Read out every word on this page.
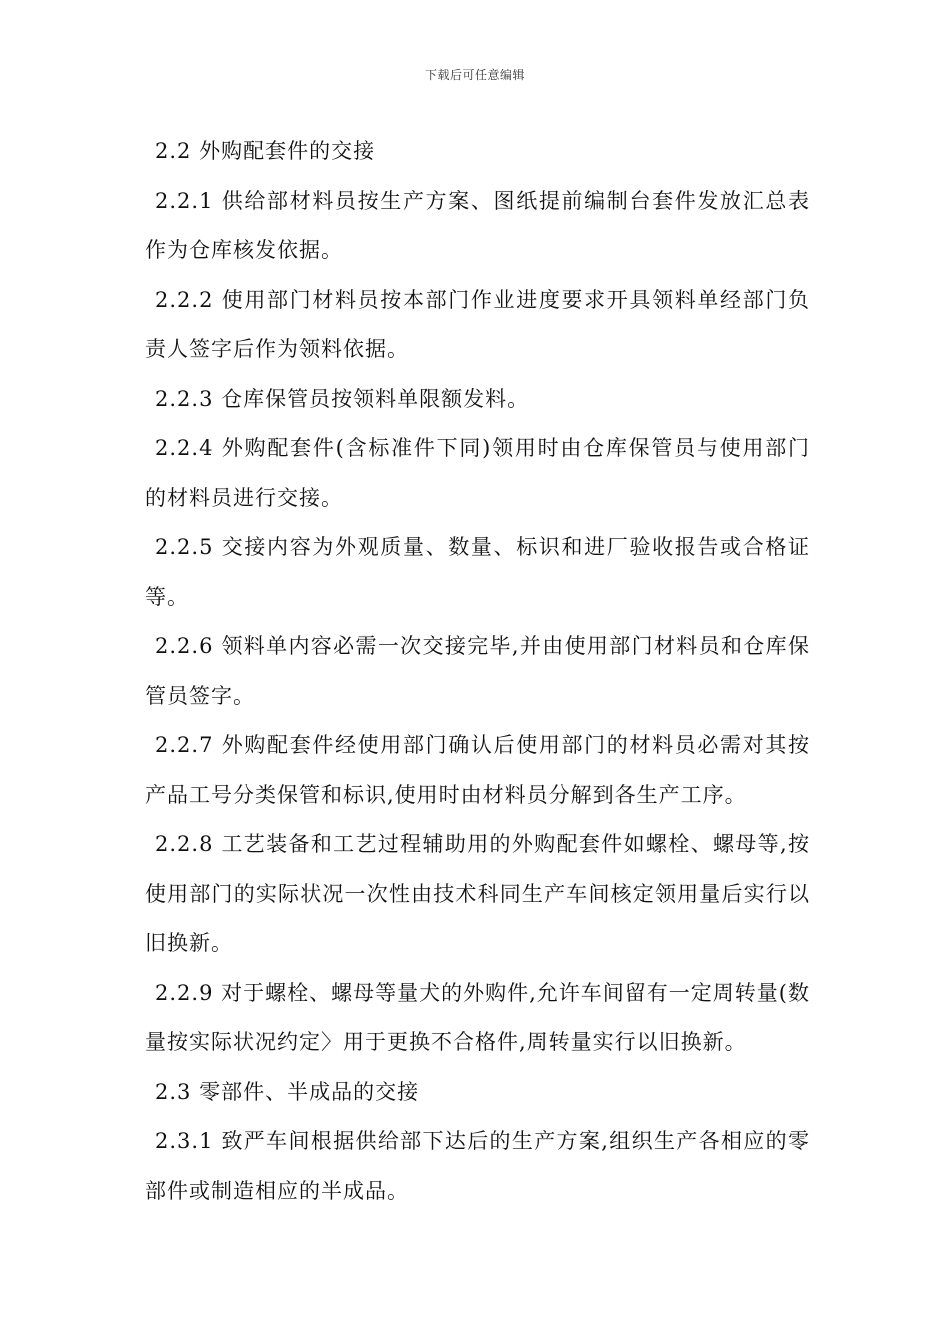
下载后可任意编辑

2.2 外购配套件的交接

2.2.1 供给部材料员按生产方案、图纸提前编制台套件发放汇总表作为仓库核发依据。

2.2.2 使用部门材料员按本部门作业进度要求开具领料单经部门负责人签字后作为领料依据。

2.2.3 仓库保管员按领料单限额发料。

2.2.4 外购配套件(含标准件下同)领用时由仓库保管员与使用部门的材料员进行交接。

2.2.5 交接内容为外观质量、数量、标识和进厂验收报告或合格证等。

2.2.6 领料单内容必需一次交接完毕,并由使用部门材料员和仓库保管员签字。

2.2.7 外购配套件经使用部门确认后使用部门的材料员必需对其按产品工号分类保管和标识,使用时由材料员分解到各生产工序。

2.2.8 工艺装备和工艺过程辅助用的外购配套件如螺栓、螺母等,按使用部门的实际状况一次性由技术科同生产车间核定领用量后实行以旧换新。

2.2.9 对于螺栓、螺母等量犬的外购件,允许车间留有一定周转量(数量按实际状况约定〉用于更换不合格件,周转量实行以旧换新。

2.3 零部件、半成品的交接

2.3.1 致严车间根据供给部下达后的生产方案,组织生产各相应的零部件或制造相应的半成品。
